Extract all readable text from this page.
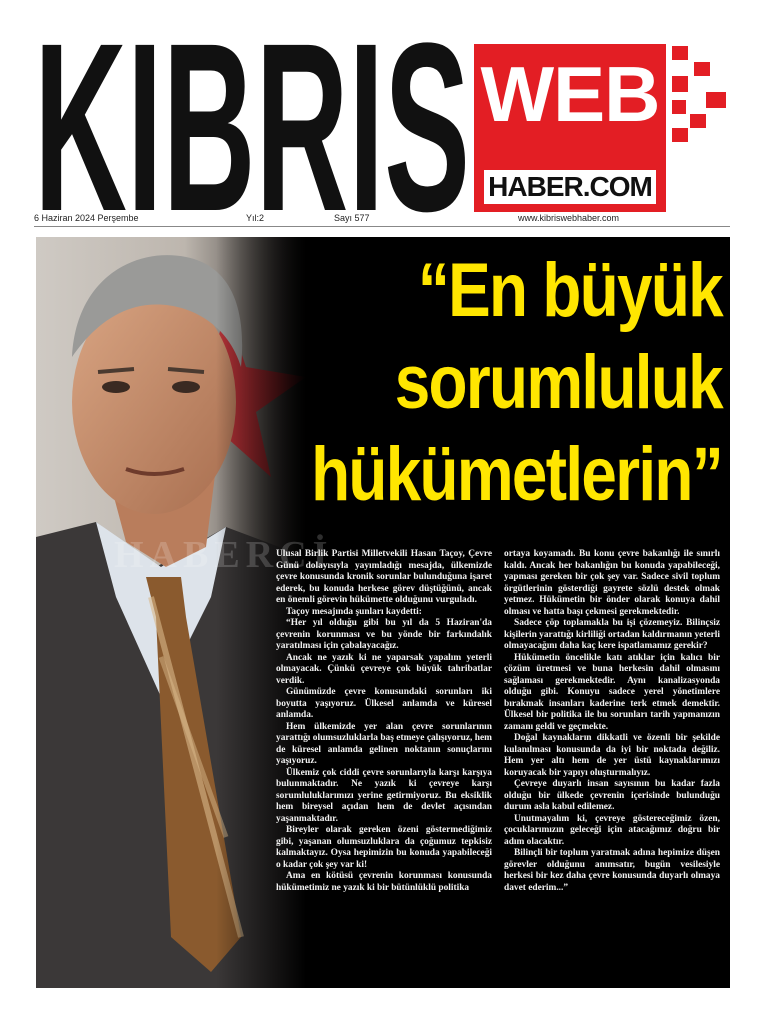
KIBRIS WEB
HABER.COM
6 Haziran 2024 Perşembe	Yıl:2	Sayı 577	www.kibriswebhaber.com
“En büyük
sorumluluk
hükümetlerin”
HABERCİ

Ulusal Birlik Partisi Milletvekili Hasan Taçoy, Çevre Günü dolayısıyla yayımladığı mesajda, ülkemizde çevre konusunda kronik sorunlar bulunduğuna işaret ederek, bu konuda herkese görev düştüğünü, ancak en önemli görevin hükümette olduğunu vurguladı.

Taçoy mesajında şunları kaydetti:

“Her yıl olduğu gibi bu yıl da 5 Haziran'da çevrenin korunması ve bu yönde bir farkındalık yaratılması için çabalayacağız.

Ancak ne yazık ki ne yaparsak yapalım yeterli olmayacak. Çünkü çevreye çok büyük tahribatlar verdik.

Günümüzde çevre konusundaki sorunları iki boyutta yaşıyoruz. Ülkesel anlamda ve küresel anlamda.

Hem ülkemizde yer alan çevre sorunlarının yarattığı olumsuzluklarla baş etmeye çalışıyoruz, hem de küresel anlamda gelinen noktanın sonuçlarını yaşıyoruz.

Ülkemiz çok ciddi çevre sorunlarıyla karşı karşıya bulunmaktadır. Ne yazık ki çevreye karşı sorumluluklarımızı yerine getirmiyoruz. Bu eksiklik hem bireysel açıdan hem de devlet açısından yaşanmaktadır.

Bireyler olarak gereken özeni göstermediğimiz gibi, yaşanan olumsuzluklara da çoğumuz tepkisiz kalmaktayız. Oysa hepimizin bu konuda yapabileceği o kadar çok şey var ki!

Ama en kötüsü çevrenin korunması konusunda hükümetimiz ne yazık ki bir bütünlüklü politika

ortaya koyamadı. Bu konu çevre bakanlığı ile sınırlı kaldı. Ancak her bakanlığın bu konuda yapabileceği, yapması gereken bir çok şey var. Sadece sivil toplum örgütlerinin gösterdiği gayrete sözlü destek olmak yetmez. Hükümetin bir önder olarak konuya dahil olması ve hatta başı çekmesi gerekmektedir.

Sadece çöp toplamakla bu işi çözemeyiz. Bilinçsiz kişilerin yarattığı kirliliği ortadan kaldırmanın yeterli olmayacağını daha kaç kere ispatlamamız gerekir?

Hükümetin öncelikle katı atıklar için kalıcı bir çözüm üretmesi ve buna herkesin dahil olmasını sağlaması gerekmektedir. Aynı kanalizasyonda olduğu gibi. Konuyu sadece yerel yönetimlere bırakmak insanları kaderine terk etmek demektir. Ülkesel bir politika ile bu sorunları tarih yapmanızın zamanı geldi ve geçmekte.

Doğal kaynakların dikkatli ve özenli bir şekilde kulanılması konusunda da iyi bir noktada değiliz. Hem yer altı hem de yer üstü kaynaklarımızı koruyacak bir yapıyı oluşturmalıyız.

Çevreye duyarlı insan sayısının bu kadar fazla olduğu bir ülkede çevrenin içerisinde bulunduğu durum asla kabul edilemez.

Unutmayalım ki, çevreye göstereceğimiz özen, çocuklarımızın geleceği için atacağımız doğru bir adım olacaktır.

Bilinçli bir toplum yaratmak adına hepimize düşen görevler olduğunu anımsatır, bugün vesilesiyle herkesi bir kez daha çevre konusunda duyarlı olmaya davet ederim...”
